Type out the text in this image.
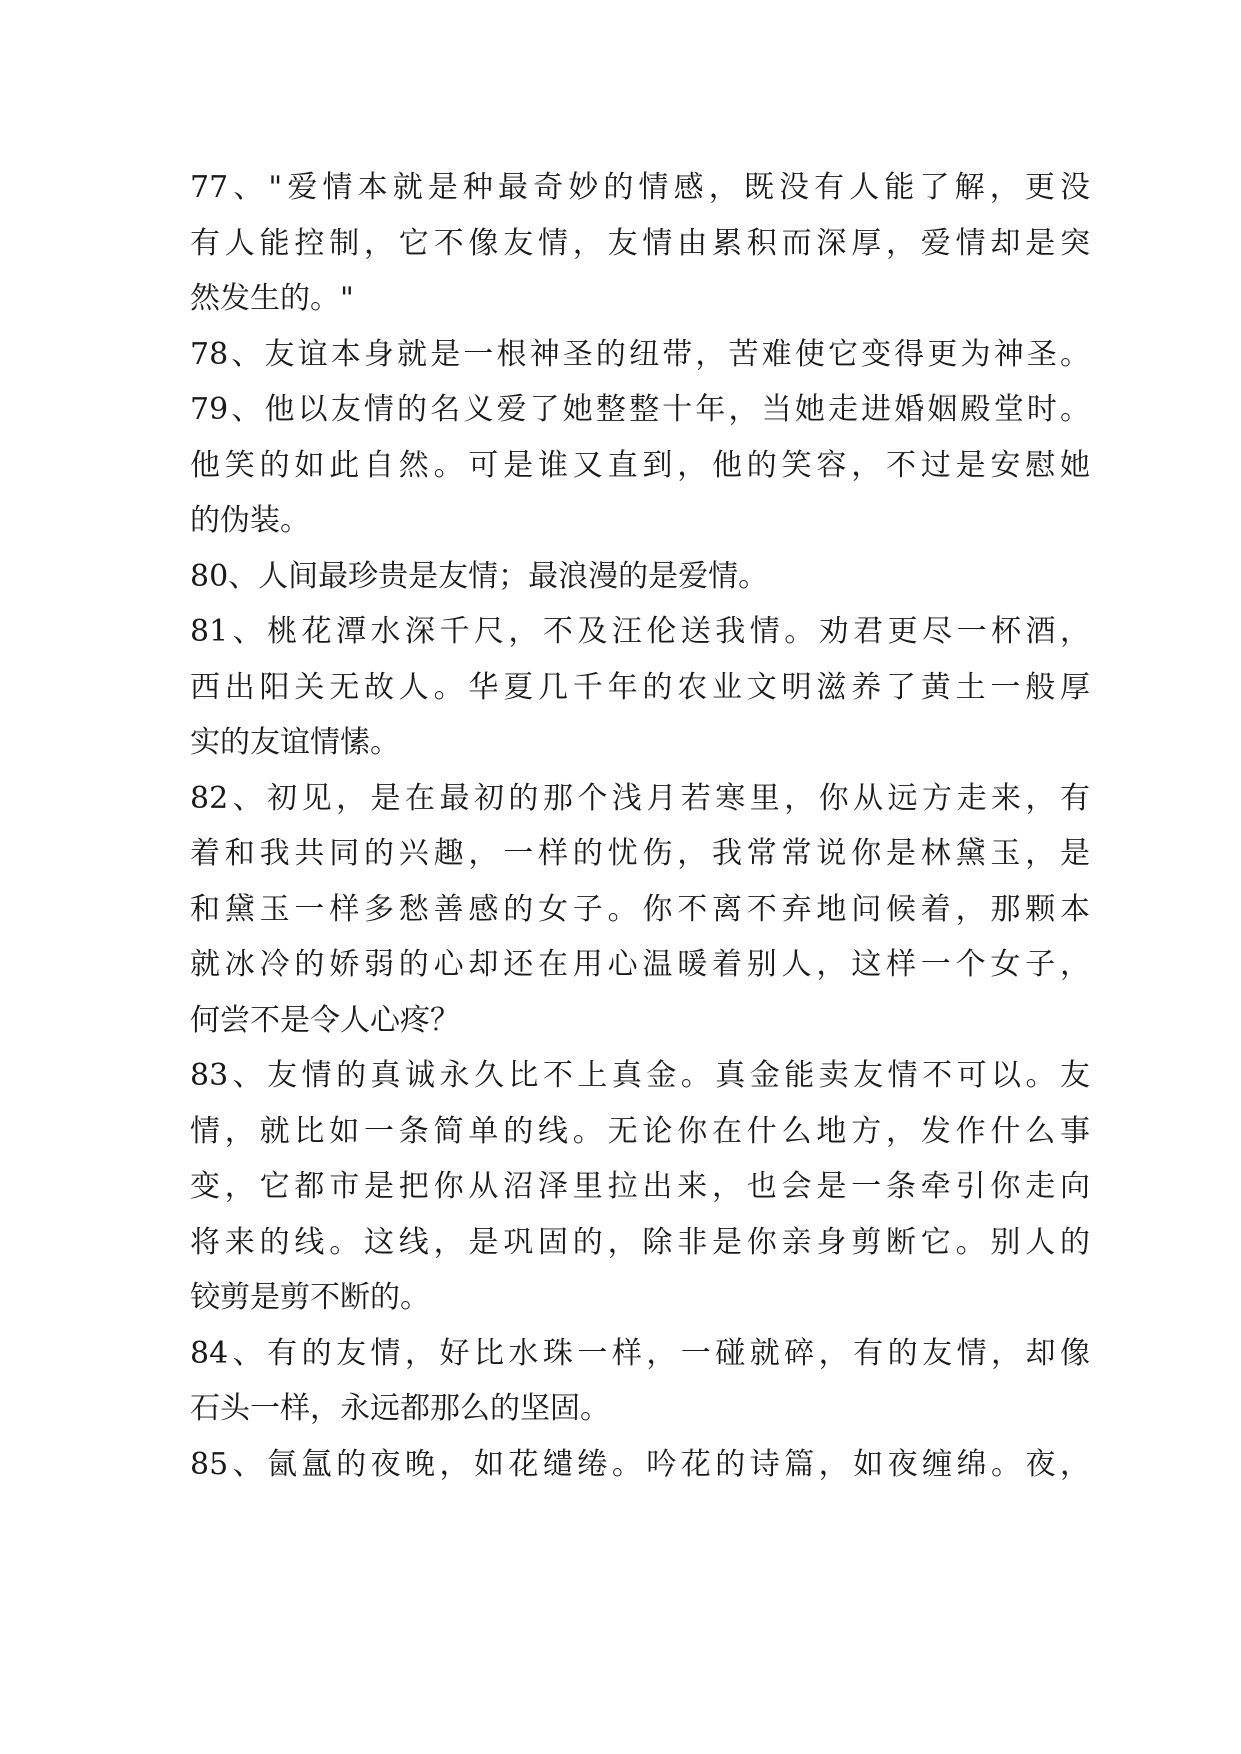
77、"爱情本就是种最奇妙的情感，既没有人能了解，更没
有人能控制，它不像友情，友情由累积而深厚，爱情却是突
然发生的。"
78、友谊本身就是一根神圣的纽带，苦难使它变得更为神圣。
79、他以友情的名义爱了她整整十年，当她走进婚姻殿堂时。
他笑的如此自然。可是谁又直到，他的笑容，不过是安慰她
的伪装。
80、人间最珍贵是友情；最浪漫的是爱情。
81、桃花潭水深千尺，不及汪伦送我情。劝君更尽一杯酒，
西出阳关无故人。华夏几千年的农业文明滋养了黄土一般厚
实的友谊情愫。
82、初见，是在最初的那个浅月若寒里，你从远方走来，有
着和我共同的兴趣，一样的忧伤，我常常说你是林黛玉，是
和黛玉一样多愁善感的女子。你不离不弃地问候着，那颗本
就冰冷的娇弱的心却还在用心温暖着别人，这样一个女子，
何尝不是令人心疼？
83、友情的真诚永久比不上真金。真金能卖友情不可以。友
情，就比如一条简单的线。无论你在什么地方，发作什么事
变，它都市是把你从沼泽里拉出来，也会是一条牵引你走向
将来的线。这线，是巩固的，除非是你亲身剪断它。别人的
铰剪是剪不断的。
84、有的友情，好比水珠一样，一碰就碎，有的友情，却像
石头一样，永远都那么的坚固。
85、氤氲的夜晚，如花缱绻。吟花的诗篇，如夜缠绵。夜，
